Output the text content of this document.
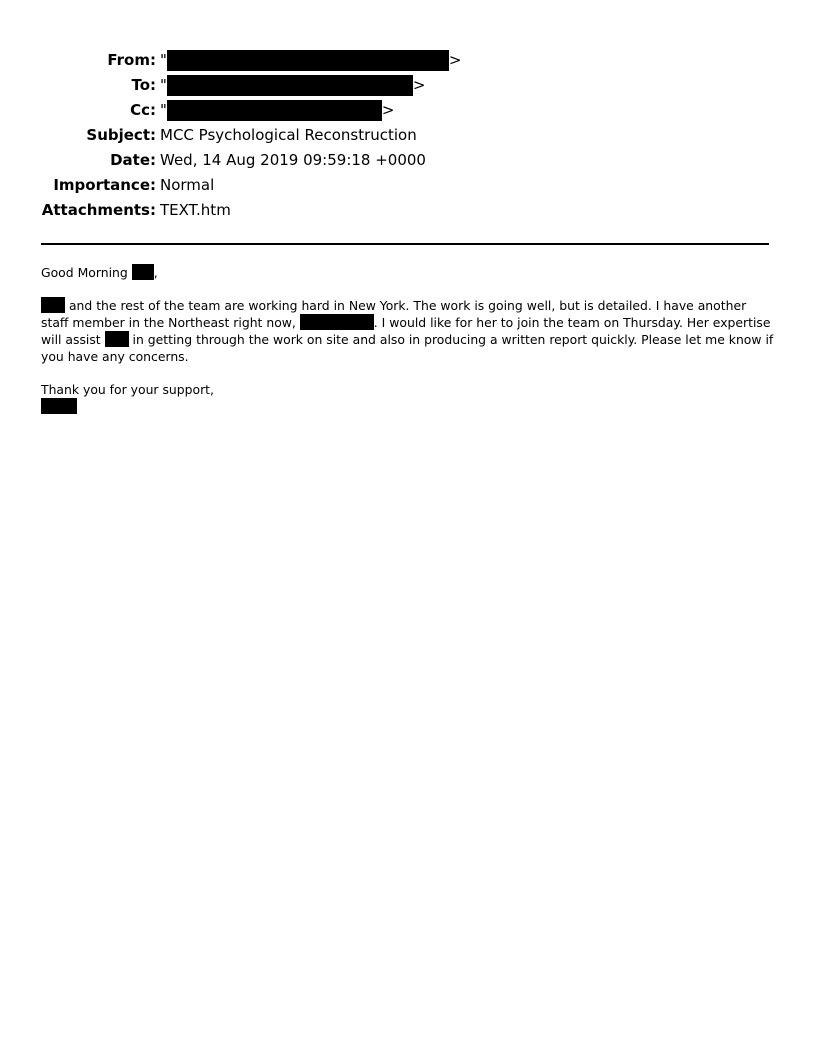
From: "	>
To: "	>
Cc: "	>
Subject: MCC Psychological Reconstruction
Date: Wed, 14 Aug 2019 09:59:18 +0000
Importance: Normal
Attachments: TEXT.htm

Good Morning ,

and the rest of the team are working hard in New York. The work is going well, but is detailed. I have another staff member in the Northeast right now,	. I would like for her to join the team on Thursday. Her expertise will assist  in getting through the work on site and also in producing a written report quickly. Please let me know if you have any concerns.

Thank you for your support,
